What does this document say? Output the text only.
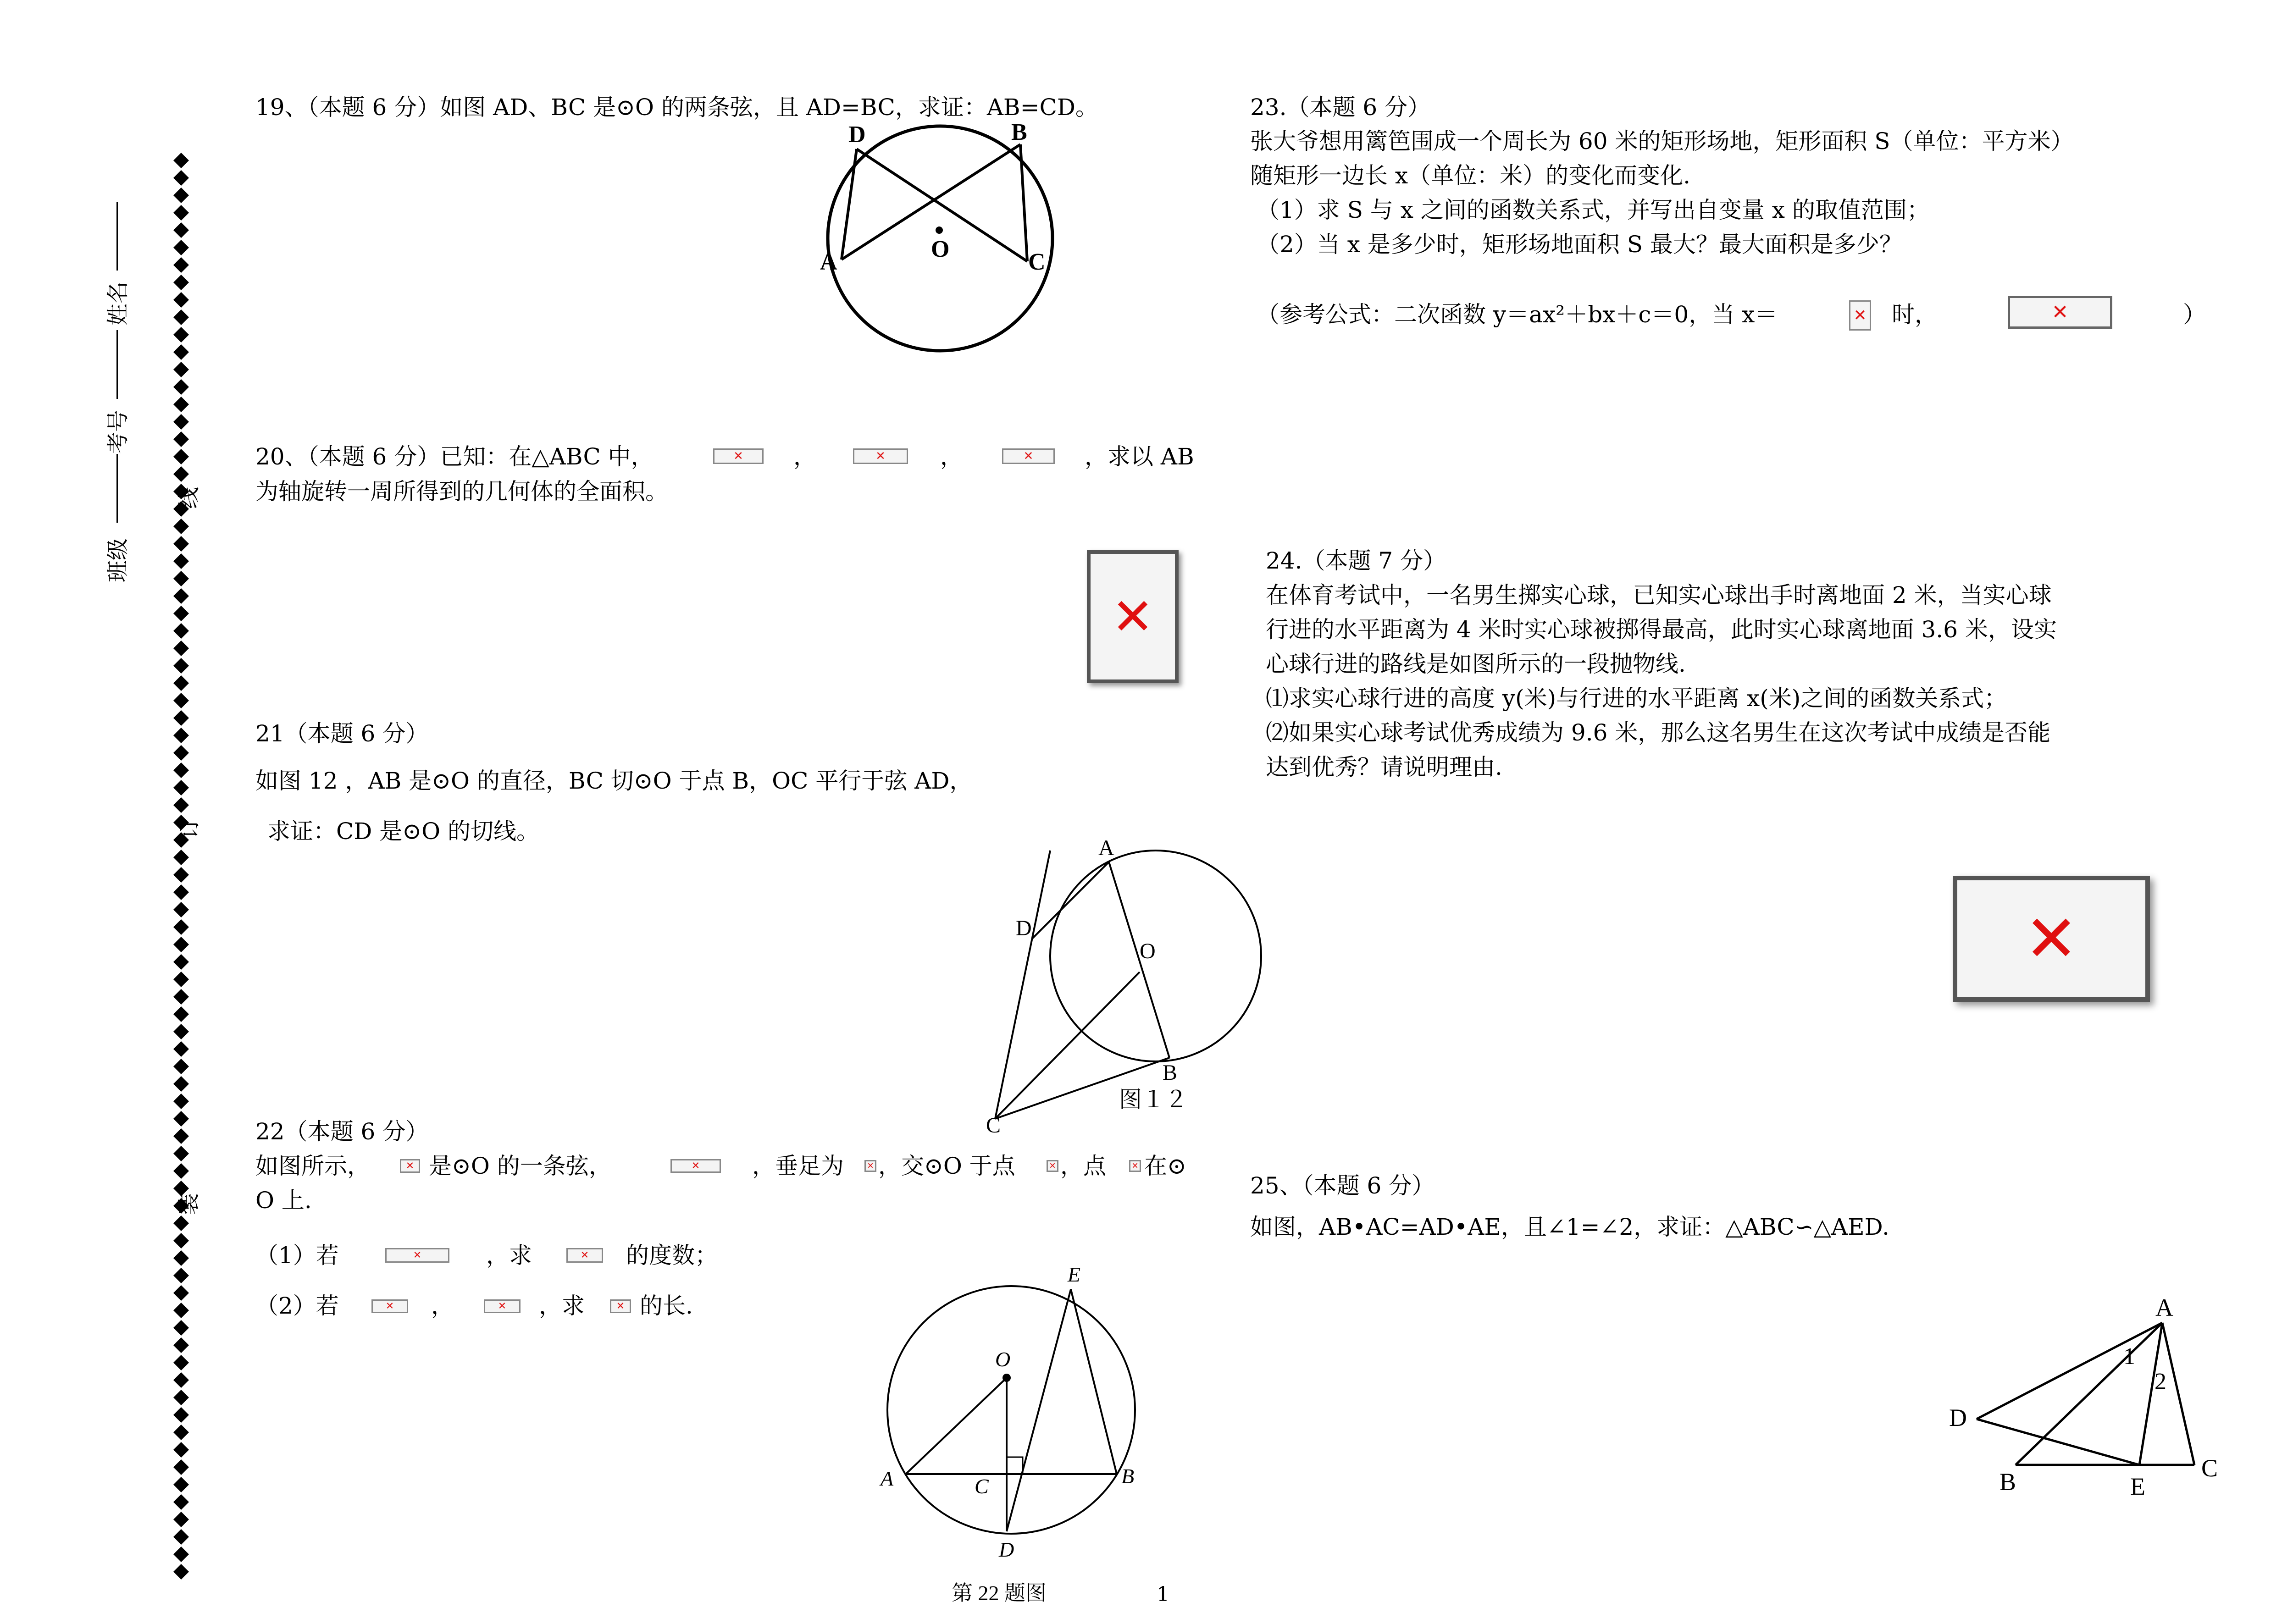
班级
考号
姓名
装
订
线
19、（本题 6 分）如图 AD、BC 是⊙O 的两条弦，且 AD=BC，求证：AB=CD。
D	B
A	C
O
20、（本题 6 分）已知：在△ABC 中，	✕ ，	✕ ，	✕ ，求以 AB
为轴旋转一周所得到的几何体的全面积。
✕
21（本题 6 分）
如图 12 ，AB 是⊙O 的直径，BC 切⊙O 于点 B，OC 平行于弦 AD，
求证：CD 是⊙O 的切线。
A
D
O
B
C
图１２
22（本题 6 分）
如图所示，	✕ 是⊙O 的一条弦，	✕ ，垂足为	✕ ，交⊙O 于点	✕ ，点	✕ 在⊙
O 上.
（1）若	✕	，求	✕ 的度数；
（2）若	✕ ，	✕ ，求	✕ 的长.
E
O
A	C	B
D
第 22 题图
23.（本题 6 分）
张大爷想用篱笆围成一个周长为 60 米的矩形场地，矩形面积 S（单位：平方米）
随矩形一边长 x（单位：米）的变化而变化.
（1）求 S 与 x 之间的函数关系式，并写出自变量 x 的取值范围；
（2）当 x 是多少时，矩形场地面积 S 最大？最大面积是多少？
（参考公式：二次函数 y＝ax²＋bx＋c＝0，当 x＝	✕ 时，	✕	）
24.（本题 7 分）
在体育考试中，一名男生掷实心球，已知实心球出手时离地面 2 米，当实心球
行进的水平距离为 4 米时实心球被掷得最高，此时实心球离地面 3.6 米，设实
心球行进的路线是如图所示的一段抛物线.
⑴求实心球行进的高度 y(米)与行进的水平距离 x(米)之间的函数关系式；
⑵如果实心球考试优秀成绩为 9.6 米，那么这名男生在这次考试中成绩是否能
达到优秀？请说明理由.
✕
25、（本题 6 分）
如图，AB•AC=AD•AE，且∠1=∠2，求证：△ABC∽△AED.
A
D
B	E
C
1
2
1
